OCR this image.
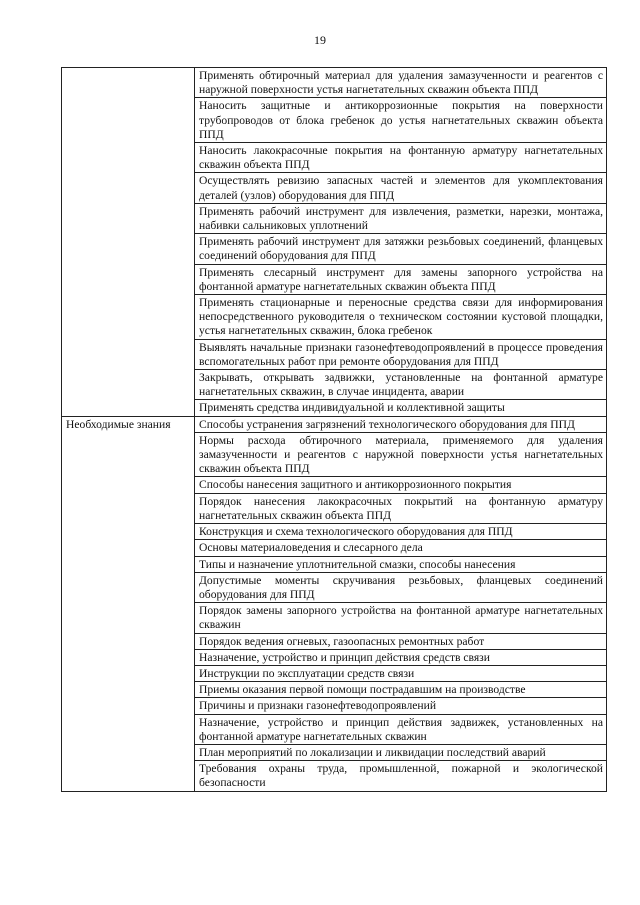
19
	Применять обтирочный материал для удаления замазученности и реагентов с наружной поверхности устья нагнетательных скважин объекта ППД
	Наносить защитные и антикоррозионные покрытия на поверхности трубопроводов от блока гребенок до устья нагнетательных скважин объекта ППД
	Наносить лакокрасочные покрытия на фонтанную арматуру нагнетательных скважин объекта ППД
	Осуществлять ревизию запасных частей и элементов для укомплектования деталей (узлов) оборудования для ППД
	Применять рабочий инструмент для извлечения, разметки, нарезки, монтажа, набивки сальниковых уплотнений
	Применять рабочий инструмент для затяжки резьбовых соединений, фланцевых соединений оборудования для ППД
	Применять слесарный инструмент для замены запорного устройства на фонтанной арматуре нагнетательных скважин объекта ППД
	Применять стационарные и переносные средства связи для информирования непосредственного руководителя о техническом состоянии кустовой площадки, устья нагнетательных скважин, блока гребенок
	Выявлять начальные признаки газонефтеводопроявлений в процессе проведения вспомогательных работ при ремонте оборудования для ППД
	Закрывать, открывать задвижки, установленные на фонтанной арматуре нагнетательных скважин, в случае инцидента, аварии
	Применять средства индивидуальной и коллективной защиты
Необходимые знания	Способы устранения загрязнений технологического оборудования для ППД
	Нормы расхода обтирочного материала, применяемого для удаления замазученности и реагентов с наружной поверхности устья нагнетательных скважин объекта ППД
	Способы нанесения защитного и антикоррозионного покрытия
	Порядок нанесения лакокрасочных покрытий на фонтанную арматуру нагнетательных скважин объекта ППД
	Конструкция и схема технологического оборудования для ППД
	Основы материаловедения и слесарного дела
	Типы и назначение уплотнительной смазки, способы нанесения
	Допустимые моменты скручивания резьбовых, фланцевых соединений оборудования для ППД
	Порядок замены запорного устройства на фонтанной арматуре нагнетательных скважин
	Порядок ведения огневых, газоопасных ремонтных работ
	Назначение, устройство и принцип действия средств связи
	Инструкции по эксплуатации средств связи
	Приемы оказания первой помощи пострадавшим на производстве
	Причины и признаки газонефтеводопроявлений
	Назначение, устройство и принцип действия задвижек, установленных на фонтанной арматуре нагнетательных скважин
	План мероприятий по локализации и ликвидации последствий аварий
	Требования охраны труда, промышленной, пожарной и экологической безопасности
